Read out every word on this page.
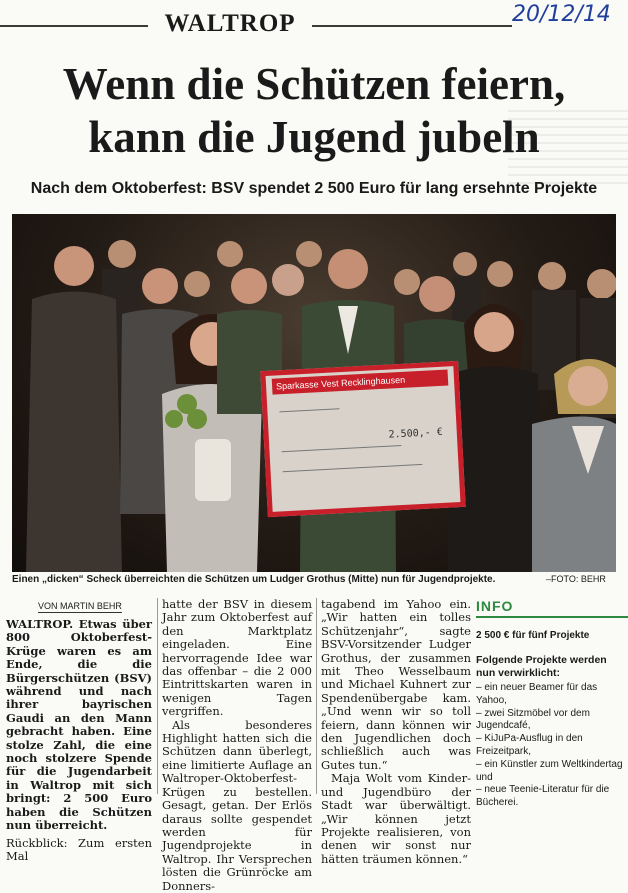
WALTROP	20/12/14
Wenn die Schützen feiern,
kann die Jugend jubeln
Nach dem Oktoberfest: BSV spendet 2 500 Euro für lang ersehnte Projekte
Sparkasse Vest Recklinghausen
2.500,- €
Einen „dicken“ Scheck überreichten die Schützen um Ludger Grothus (Mitte) nun für Jugendprojekte.	–FOTO: BEHR
VON MARTIN BEHR

WALTROP. Etwas über 800 Oktoberfest-Krüge waren es am Ende, die die Bürgerschützen (BSV) während und nach ihrer bayrischen Gaudi an den Mann gebracht haben. Eine stolze Zahl, die eine noch stolzere Spende für die Jugendarbeit in Waltrop mit sich bringt: 2 500 Euro haben die Schützen nun überreicht.

Rückblick: Zum ersten Mal

hatte der BSV in diesem Jahr zum Oktoberfest auf den Marktplatz eingeladen. Eine hervorragende Idee war das offenbar – die 2 000 Eintrittskarten waren in wenigen Tagen vergriffen.

Als besonderes Highlight hatten sich die Schützen dann überlegt, eine limitierte Auflage an Waltroper-Oktoberfest-Krügen zu bestellen. Gesagt, getan. Der Erlös daraus sollte gespendet werden für Jugendprojekte in Waltrop. Ihr Versprechen lösten die Grünröcke am Donners-

tagabend im Yahoo ein. „Wir hatten ein tolles Schützenjahr“, sagte BSV-Vorsitzender Ludger Grothus, der zusammen mit Theo Wesselbaum und Michael Kuhnert zur Spendenübergabe kam. „Und wenn wir so toll feiern, dann können wir den Jugendlichen doch schließlich auch was Gutes tun.“

Maja Wolt vom Kinder- und Jugendbüro der Stadt war überwältigt. „Wir können jetzt Projekte realisieren, von denen wir sonst nur hätten träumen können.“

INFO
2 500 € für fünf Projekte
Folgende Projekte werden nun verwirklicht:
– ein neuer Beamer für das Yahoo,
– zwei Sitzmöbel vor dem Jugendcafé,
– KiJuPa-Ausflug in den Freizeitpark,
– ein Künstler zum Weltkindertag und
– neue Teenie-Literatur für die Bücherei.
